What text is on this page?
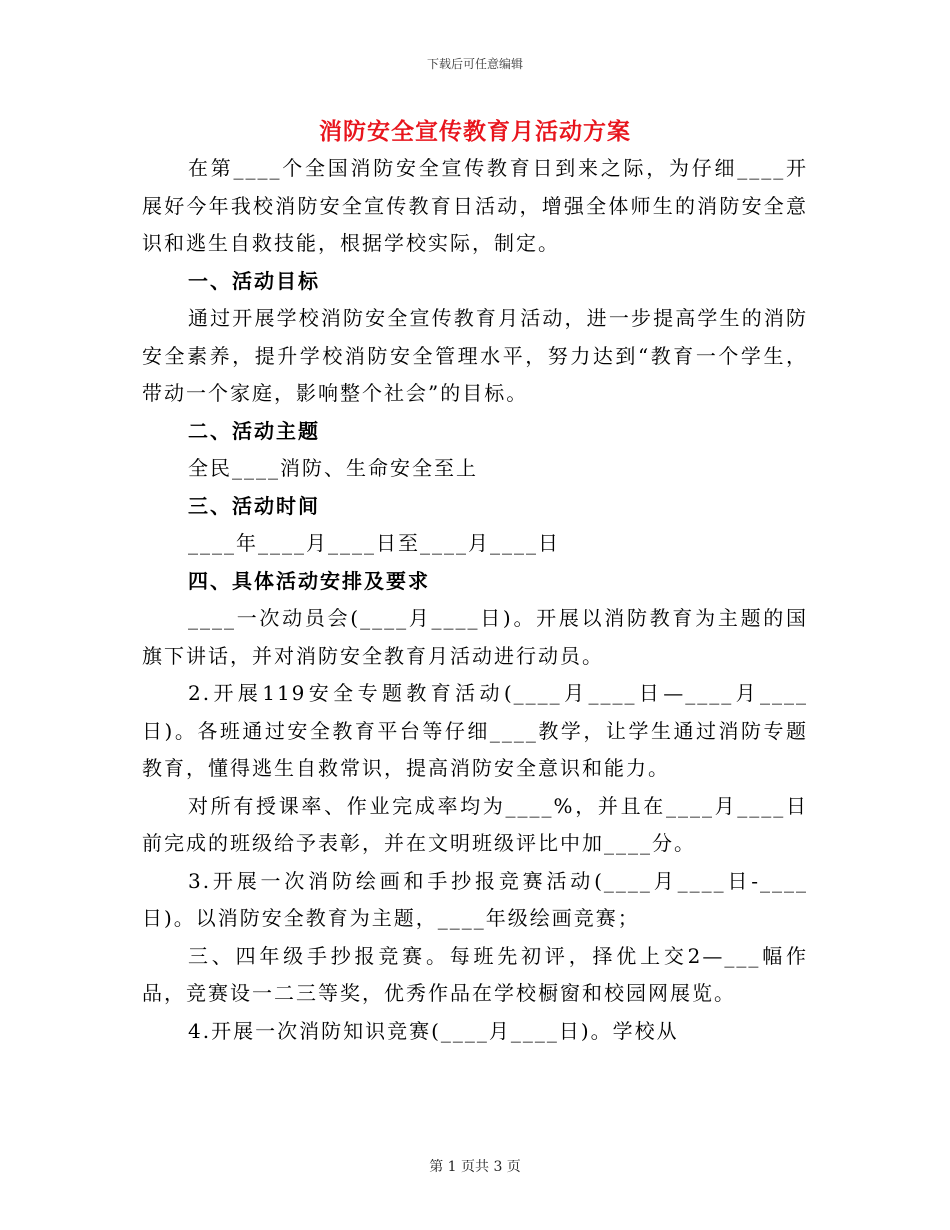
下载后可任意编辑
消防安全宣传教育月活动方案

在第____个全国消防安全宣传教育日到来之际，为仔细____开展好今年我校消防安全宣传教育日活动，增强全体师生的消防安全意识和逃生自救技能，根据学校实际，制定。

一、活动目标

通过开展学校消防安全宣传教育月活动，进一步提高学生的消防安全素养，提升学校消防安全管理水平，努力达到“教育一个学生，带动一个家庭，影响整个社会”的目标。

二、活动主题

全民____消防、生命安全至上

三、活动时间

____年____月____日至____月____日

四、具体活动安排及要求

____一次动员会(____月____日)。开展以消防教育为主题的国旗下讲话，并对消防安全教育月活动进行动员。

2.开展119安全专题教育活动(____月____日—____月____日)。各班通过安全教育平台等仔细____教学，让学生通过消防专题教育，懂得逃生自救常识，提高消防安全意识和能力。

对所有授课率、作业完成率均为____%，并且在____月____日前完成的班级给予表彰，并在文明班级评比中加____分。

3.开展一次消防绘画和手抄报竞赛活动(____月____日-____日)。以消防安全教育为主题，____年级绘画竞赛；

三、四年级手抄报竞赛。每班先初评，择优上交2—___幅作品，竞赛设一二三等奖，优秀作品在学校橱窗和校园网展览。

4.开展一次消防知识竞赛(____月____日)。学校从

第 1 页共 3 页
